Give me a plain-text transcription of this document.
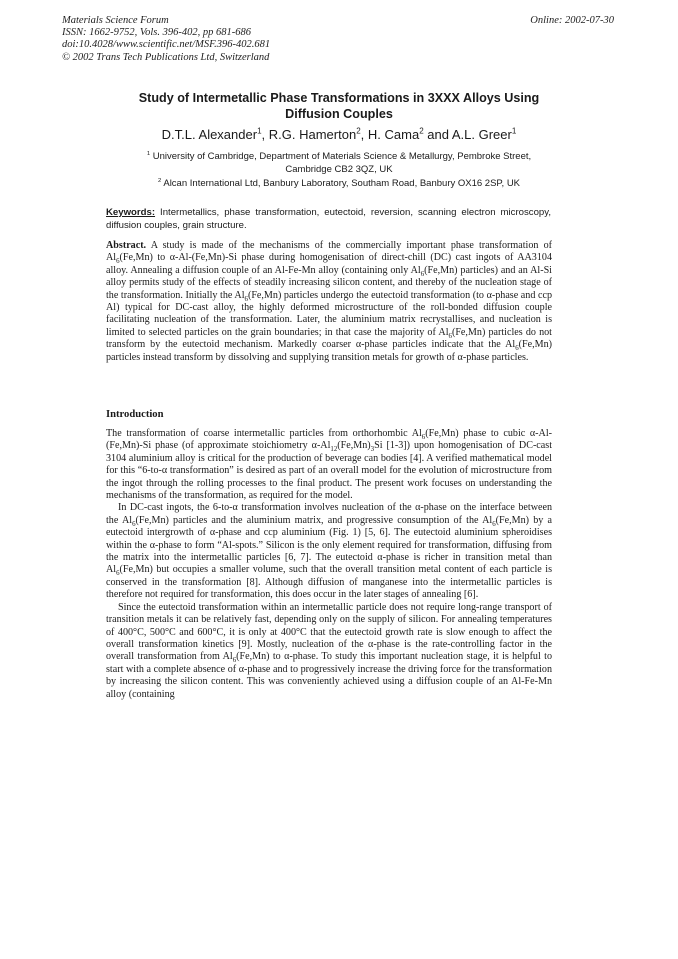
Materials Science Forum
ISSN: 1662-9752, Vols. 396-402, pp 681-686
doi:10.4028/www.scientific.net/MSF.396-402.681
© 2002 Trans Tech Publications Ltd, Switzerland
Online: 2002-07-30
Study of Intermetallic Phase Transformations in 3XXX Alloys Using
Diffusion Couples
D.T.L. Alexander$^1$, R.G. Hamerton$^2$, H. Cama$^2$ and A.L. Greer$^1$
$^1$ University of Cambridge, Department of Materials Science & Metallurgy, Pembroke Street,
Cambridge CB2 3QZ, UK
$^2$ Alcan International Ltd, Banbury Laboratory, Southam Road, Banbury OX16 2SP, UK
Keywords: Intermetallics, phase transformation, eutectoid, reversion, scanning electron microscopy, diffusion couples, grain structure.
Abstract. A study is made of the mechanisms of the commercially important phase transformation of $Al_6(Fe,Mn)$ to α-Al-(Fe,Mn)-Si phase during homogenisation of direct-chill (DC) cast ingots of AA3104 alloy. Annealing a diffusion couple of an Al-Fe-Mn alloy (containing only $Al_6(Fe,Mn)$ particles) and an Al-Si alloy permits study of the effects of steadily increasing silicon content, and thereby of the nucleation stage of the transformation. Initially the $Al_6(Fe,Mn)$ particles undergo the eutectoid transformation (to α-phase and ccp Al) typical for DC-cast alloy, the highly deformed microstructure of the roll-bonded diffusion couple facilitating nucleation of the transformation. Later, the aluminium matrix recrystallises, and nucleation is limited to selected particles on the grain boundaries; in that case the majority of $Al_6(Fe,Mn)$ particles do not transform by the eutectoid mechanism. Markedly coarser α-phase particles indicate that the $Al_6(Fe,Mn)$ particles instead transform by dissolving and supplying transition metals for growth of α-phase particles.
Introduction

The transformation of coarse intermetallic particles from orthorhombic $Al_6(Fe,Mn)$ phase to cubic α-Al-(Fe,Mn)-Si phase (of approximate stoichiometry $\alpha-Al_{12}(Fe,Mn)_3Si$ [1-3]) upon homogenisation of DC-cast 3104 aluminium alloy is critical for the production of beverage can bodies [4]. A verified mathematical model for this “6-to-α transformation” is desired as part of an overall model for the evolution of microstructure from the ingot through the rolling processes to the final product. The present work focuses on understanding the mechanisms of the transformation, as required for the model.

In DC-cast ingots, the 6-to-α transformation involves nucleation of the α-phase on the interface between the $Al_6(Fe,Mn)$ particles and the aluminium matrix, and progressive consumption of the $Al_6(Fe,Mn)$ by a eutectoid intergrowth of α-phase and ccp aluminium (Fig. 1) [5, 6]. The eutectoid aluminium spheroidises within the α-phase to form “Al-spots.” Silicon is the only element required for transformation, diffusing from the matrix into the intermetallic particles [6, 7]. The eutectoid α-phase is richer in transition metal than $Al_6(Fe,Mn)$ but occupies a smaller volume, such that the overall transition metal content of each particle is conserved in the transformation [8]. Although diffusion of manganese into the intermetallic particles is therefore not required for transformation, this does occur in the later stages of annealing [6].

Since the eutectoid transformation within an intermetallic particle does not require long-range transport of transition metals it can be relatively fast, depending only on the supply of silicon. For annealing temperatures of 400°C, 500°C and 600°C, it is only at 400°C that the eutectoid growth rate is slow enough to affect the overall transformation kinetics [9]. Mostly, nucleation of the α-phase is the rate-controlling factor in the overall transformation from $Al_6(Fe,Mn)$ to α-phase. To study this important nucleation stage, it is helpful to start with a complete absence of α-phase and to progressively increase the driving force for the transformation by increasing the silicon content. This was conveniently achieved using a diffusion couple of an Al-Fe-Mn alloy (containing
